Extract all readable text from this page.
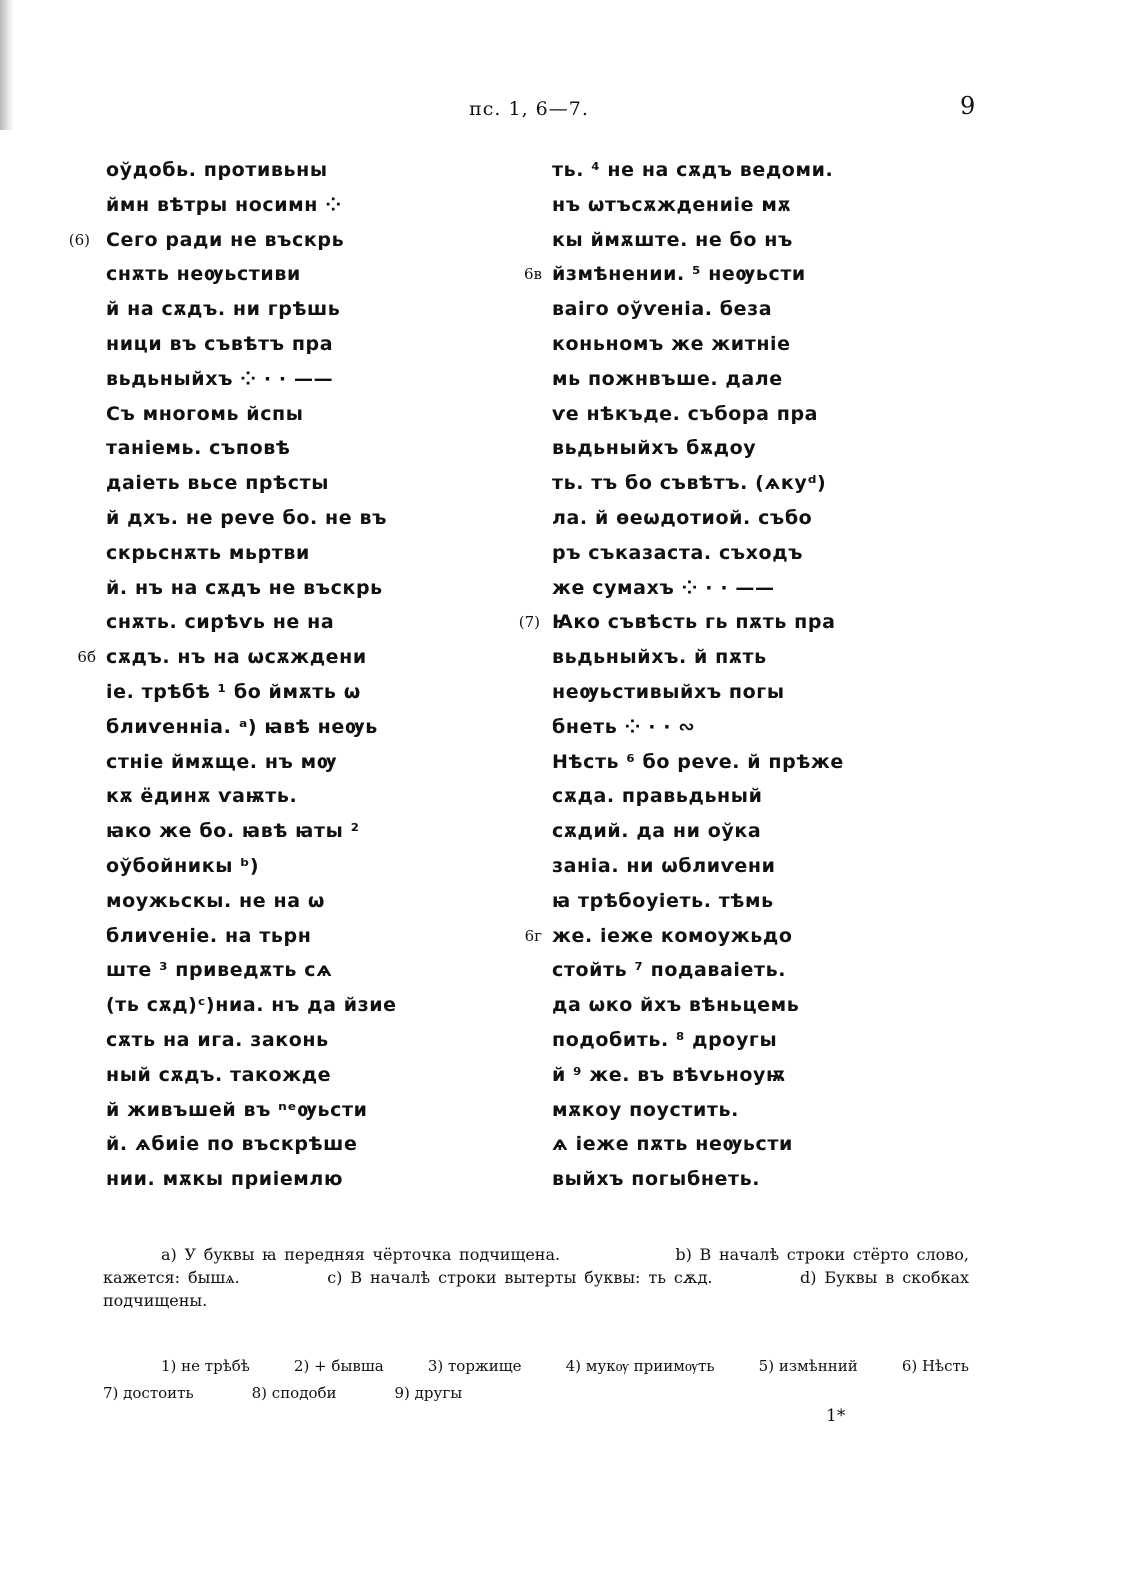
пс. 1, 6—7.	9
оўдобь. противьны
ймн вѣтры носимн ⁘
(6) Сего ради не въскрь
снѫть неѹьстиви
й на сѫдъ. ни грѣшь
ници въ съвѣтъ пра
вьдьныйхъ ⁘ · · ——
Съ многомь йспы
таніемь. съповѣ
даіеть вьсе прѣсты
й дхъ. не реѵе бо. не въ
скрьснѫть мьртви
й. нъ на сѫдъ не въскрь
снѫть. сирѣѵь не на
6б сѫдъ. нъ на ѡсѫждени
іе. трѣбѣ ¹ бо ймѫть ѡ
блиѵенніа. ᵃ) ꙗвѣ неѹь
стніе ймѫще. нъ мѹ
кѫ ёдинѫ ѵаѭть.
ꙗко же бо. ꙗвѣ ꙗты ²
оўбойникы ᵇ)
моужьскы. не на ѡ
блиѵеніе. на тьрн
ште ³ приведѫть сѧ
(ть сѫд)ᶜ)ниа. нъ да йзие
сѫть на ига. законь
ный сѫдъ. такожде
й живъшей въ ⁿᵉѹьсти
й. ѧбиіе по въскрѣше
нии. мѫкы приіемлю
ть. ⁴ не на сѫдъ ведоми.
нъ ѡтъсѫждениіе мѫ
кы ймѫште. не бо нъ
6в йзмѣнении. ⁵ неѹьсти
ваіго оўѵеніа. беза
коньномъ же житніе
мь пожнвъше. дале
ѵе нѣкъде. събора пра
вьдьныйхъ бѫдоу
ть. тъ бо съвѣтъ. (ѧкуᵈ)
ла. й ѳеѡдотиой. събо
ръ съказаста. съходъ
же сумахъ ⁘ · · ——
(7) Ꙗко съвѣсть гь пѫть пра
вьдьныйхъ. й пѫть
неѹьстивыйхъ погы
бнеть ⁘ · · ∾
Нѣсть ⁶ бо реѵе. й прѣже
сѫда. правьдьный
сѫдий. да ни оўка
заніа. ни ѡблиѵени
ꙗ трѣбоуіеть. тѣмь
6г же. іеже комоужьдо
стойть ⁷ подаваіеть.
да ѡко йхъ вѣньцемь
подобить. ⁸ дроугы
й ⁹ же. въ вѣѵьноуѭ
мѫкоу поустить.
ѧ іеже пѫть неѹьсти
выйхъ погыбнеть.

а) У буквы ꙗ передняя чёрточка подчищена.	b) В началѣ строки стёрто слово, кажется: бышѧ.	c) В началѣ строки вытерты буквы: ть сѫд.	d) Буквы в скобках подчищены.

1) не трѣбѣ	2) + бывша	3) торжище	4) мукѹ приимѹть	5) измѣнний	6) Нѣсть
7) достоить	8) сподоби	9) другы
1*
